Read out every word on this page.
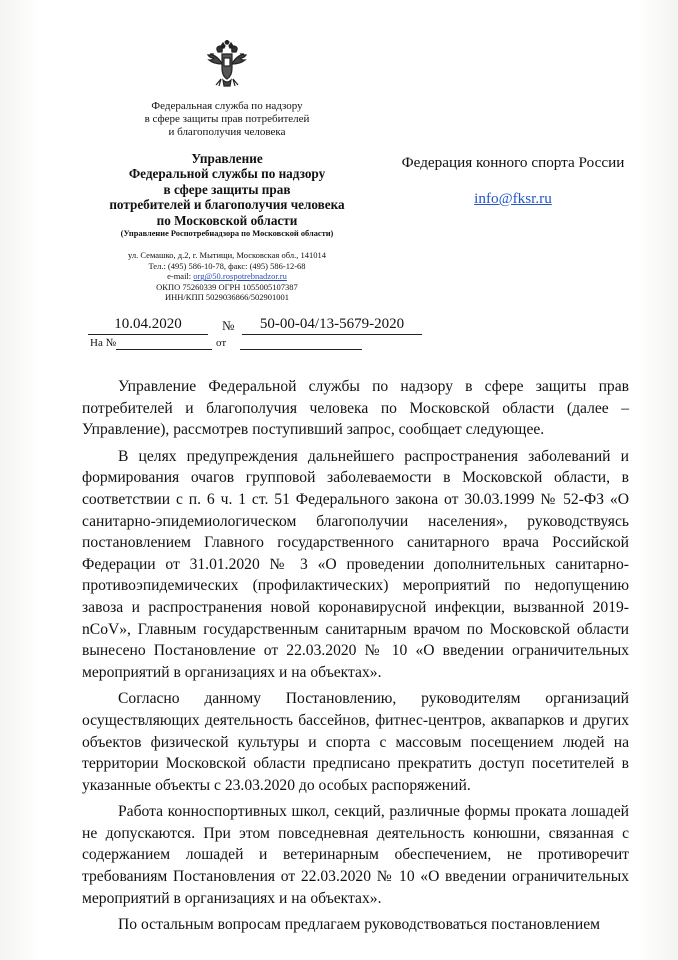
Федеральная служба по надзору
в сфере защиты прав потребителей
и благополучия человека
Управление
Федеральной службы по надзору
в сфере защиты прав
потребителей и благополучия человека
по Московской области
(Управление Роспотребнадзора по Московской области)
ул. Семашко, д.2, г. Мытищи, Московская обл., 141014
Тел.: (495) 586-10-78, факс: (495) 586-12-68
e-mail: org@50.rospotrebnadzor.ru
ОКПО 75260339 ОГРН 1055005107387
ИНН/КПП 5029036866/502901001
Федерация конного спорта России
info@fksr.ru
10.04.2020	№	50-00-04/13-5679-2020
На №	от

Управление Федеральной службы по надзору в сфере защиты прав потребителей и благополучия человека по Московской области (далее – Управление), рассмотрев поступивший запрос, сообщает следующее.

В целях предупреждения дальнейшего распространения заболеваний и формирования очагов групповой заболеваемости в Московской области, в соответствии с п. 6 ч. 1 ст. 51 Федерального закона от 30.03.1999 № 52-ФЗ «О санитарно-эпидемиологическом благополучии населения», руководствуясь постановлением Главного государственного санитарного врача Российской Федерации от 31.01.2020 № 3 «О проведении дополнительных санитарно-противоэпидемических (профилактических) мероприятий по недопущению завоза и распространения новой коронавирусной инфекции, вызванной 2019-nCoV», Главным государственным санитарным врачом по Московской области вынесено Постановление от 22.03.2020 № 10 «О введении ограничительных мероприятий в организациях и на объектах».

Согласно данному Постановлению, руководителям организаций осуществляющих деятельность бассейнов, фитнес-центров, аквапарков и других объектов физической культуры и спорта с массовым посещением людей на территории Московской области предписано прекратить доступ посетителей в указанные объекты с 23.03.2020 до особых распоряжений.

Работа конноспортивных школ, секций, различные формы проката лошадей не допускаются. При этом повседневная деятельность конюшни, связанная с содержанием лошадей и ветеринарным обеспечением, не противоречит требованиям Постановления от 22.03.2020 № 10 «О введении ограничительных мероприятий в организациях и на объектах».

По остальным вопросам предлагаем руководствоваться постановлением
